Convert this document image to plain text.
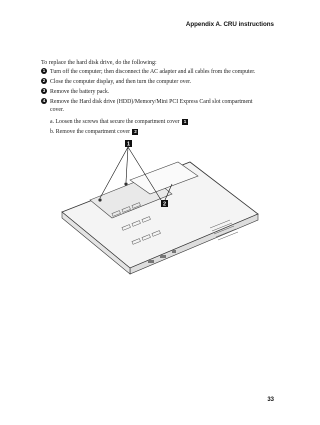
Appendix A. CRU instructions
To replace the hard disk drive, do the following:
1 Turn off the computer; then disconnect the AC adapter and all cables from the computer.
2 Close the computer display, and then turn the computer over.
3 Remove the battery pack.
4 Remove the Hard disk drive (HDD)/Memory/Mini PCI Express Card slot compartment
cover.
a. Loosen the screws that secure the compartment cover 1
b. Remove the compartment cover 2
1
2
33
